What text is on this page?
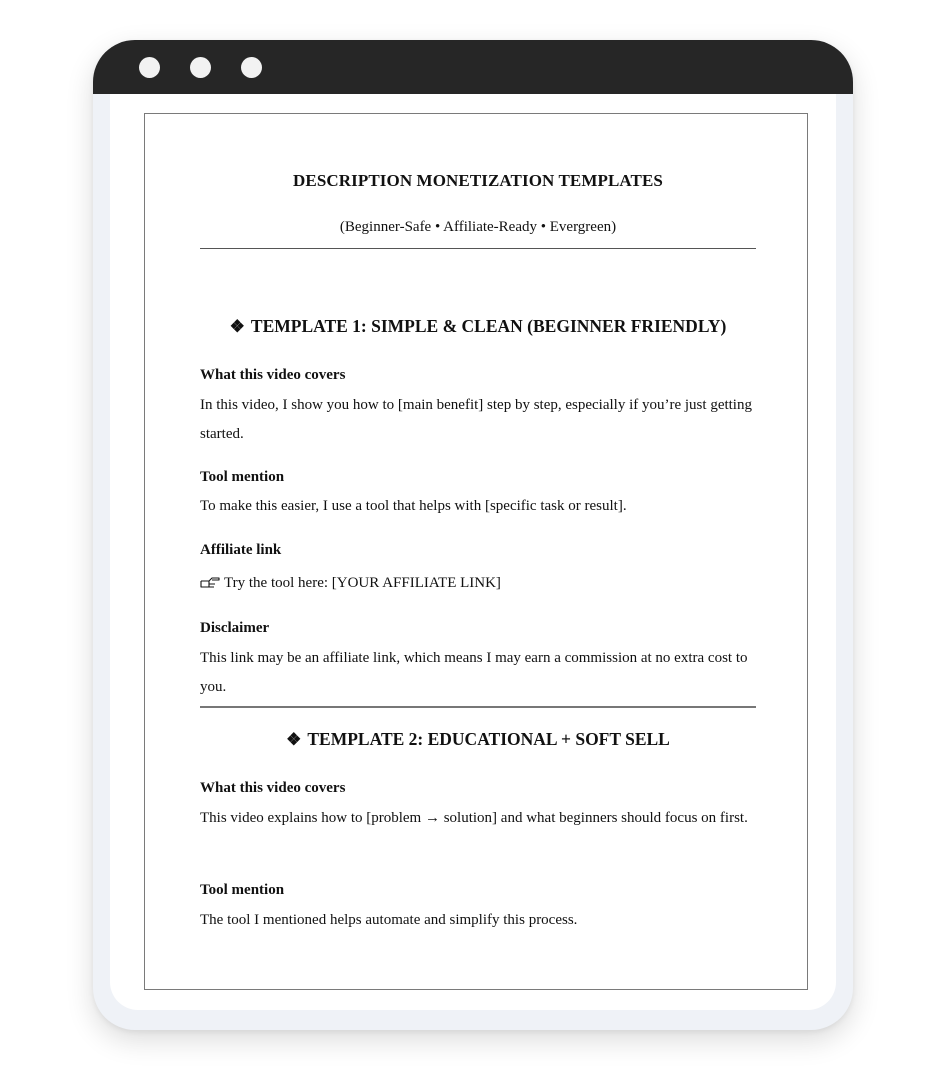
DESCRIPTION MONETIZATION TEMPLATES
(Beginner-Safe • Affiliate-Ready • Evergreen)
❖ TEMPLATE 1: SIMPLE & CLEAN (BEGINNER FRIENDLY)
What this video covers
In this video, I show you how to [main benefit] step by step, especially if you’re just getting started.
Tool mention
To make this easier, I use a tool that helps with [specific task or result].
Affiliate link
Try the tool here: [YOUR AFFILIATE LINK]
Disclaimer
This link may be an affiliate link, which means I may earn a commission at no extra cost to you.
❖ TEMPLATE 2: EDUCATIONAL + SOFT SELL
What this video covers
This video explains how to [problem → solution] and what beginners should focus on first.
Tool mention
The tool I mentioned helps automate and simplify this process.
